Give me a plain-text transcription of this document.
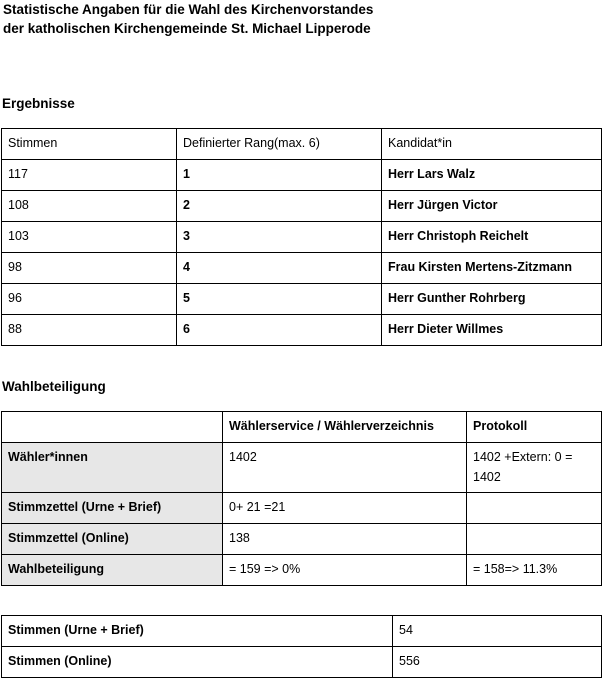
Statistische Angaben für die Wahl des Kirchenvorstandes
der katholischen Kirchengemeinde St. Michael Lipperode
Ergebnisse
Stimmen	Definierter Rang(max. 6)	Kandidat*in
117	1	Herr Lars Walz
108	2	Herr Jürgen Victor
103	3	Herr Christoph Reichelt
98	4	Frau Kirsten Mertens-Zitzmann
96	5	Herr Gunther Rohrberg
88	6	Herr Dieter Willmes
Wahlbeteiligung
	Wählerservice / Wählerverzeichnis	Protokoll
Wähler*innen	1402	1402 +Extern: 0 = 1402
Stimmzettel (Urne + Brief)	0+ 21 =21	
Stimmzettel (Online)	138	
Wahlbeteiligung	= 159 => 0%	= 158=> 11.3%
Stimmen (Urne + Brief)	54
Stimmen (Online)	556
